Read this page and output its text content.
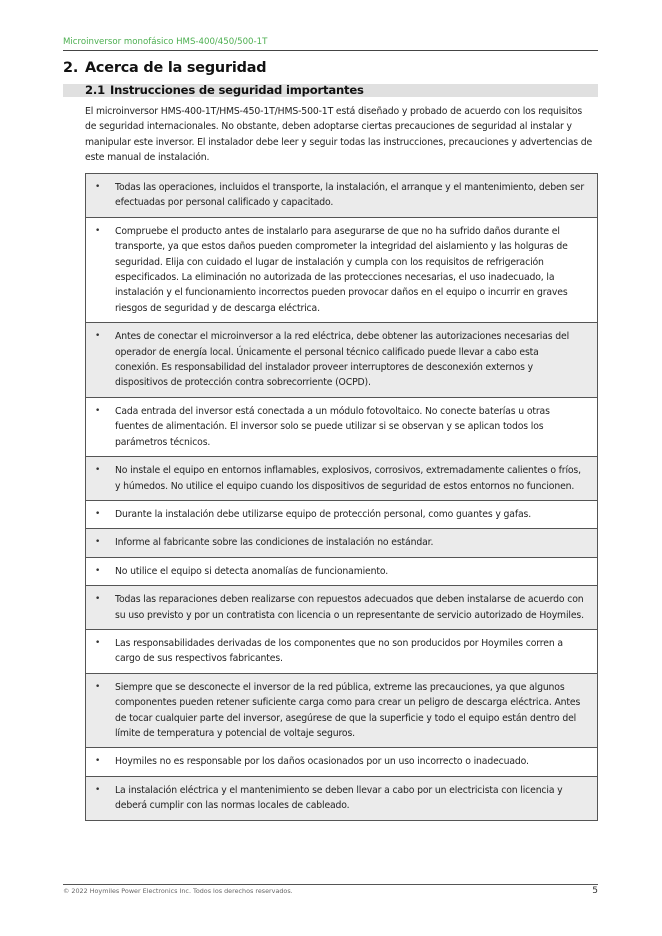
Microinversor monofásico HMS-400/450/500-1T
2. Acerca de la seguridad
2.1 Instrucciones de seguridad importantes
El microinversor HMS-400-1T/HMS-450-1T/HMS-500-1T está diseñado y probado de acuerdo con los requisitos de seguridad internacionales. No obstante, deben adoptarse ciertas precauciones de seguridad al instalar y manipular este inversor. El instalador debe leer y seguir todas las instrucciones, precauciones y advertencias de este manual de instalación.
• Todas las operaciones, incluidos el transporte, la instalación, el arranque y el mantenimiento, deben ser efectuadas por personal calificado y capacitado.
• Compruebe el producto antes de instalarlo para asegurarse de que no ha sufrido daños durante el transporte, ya que estos daños pueden comprometer la integridad del aislamiento y las holguras de seguridad. Elija con cuidado el lugar de instalación y cumpla con los requisitos de refrigeración especificados. La eliminación no autorizada de las protecciones necesarias, el uso inadecuado, la instalación y el funcionamiento incorrectos pueden provocar daños en el equipo o incurrir en graves riesgos de seguridad y de descarga eléctrica.
• Antes de conectar el microinversor a la red eléctrica, debe obtener las autorizaciones necesarias del operador de energía local. Únicamente el personal técnico calificado puede llevar a cabo esta conexión. Es responsabilidad del instalador proveer interruptores de desconexión externos y dispositivos de protección contra sobrecorriente (OCPD).
• Cada entrada del inversor está conectada a un módulo fotovoltaico. No conecte baterías u otras fuentes de alimentación. El inversor solo se puede utilizar si se observan y se aplican todos los parámetros técnicos.
• No instale el equipo en entornos inflamables, explosivos, corrosivos, extremadamente calientes o fríos, y húmedos. No utilice el equipo cuando los dispositivos de seguridad de estos entornos no funcionen.
• Durante la instalación debe utilizarse equipo de protección personal, como guantes y gafas.
• Informe al fabricante sobre las condiciones de instalación no estándar.
• No utilice el equipo si detecta anomalías de funcionamiento.
• Todas las reparaciones deben realizarse con repuestos adecuados que deben instalarse de acuerdo con su uso previsto y por un contratista con licencia o un representante de servicio autorizado de Hoymiles.
• Las responsabilidades derivadas de los componentes que no son producidos por Hoymiles corren a cargo de sus respectivos fabricantes.
• Siempre que se desconecte el inversor de la red pública, extreme las precauciones, ya que algunos componentes pueden retener suficiente carga como para crear un peligro de descarga eléctrica. Antes de tocar cualquier parte del inversor, asegúrese de que la superficie y todo el equipo están dentro del límite de temperatura y potencial de voltaje seguros.
• Hoymiles no es responsable por los daños ocasionados por un uso incorrecto o inadecuado.
• La instalación eléctrica y el mantenimiento se deben llevar a cabo por un electricista con licencia y deberá cumplir con las normas locales de cableado.
© 2022 Hoymiles Power Electronics Inc. Todos los derechos reservados.	5
